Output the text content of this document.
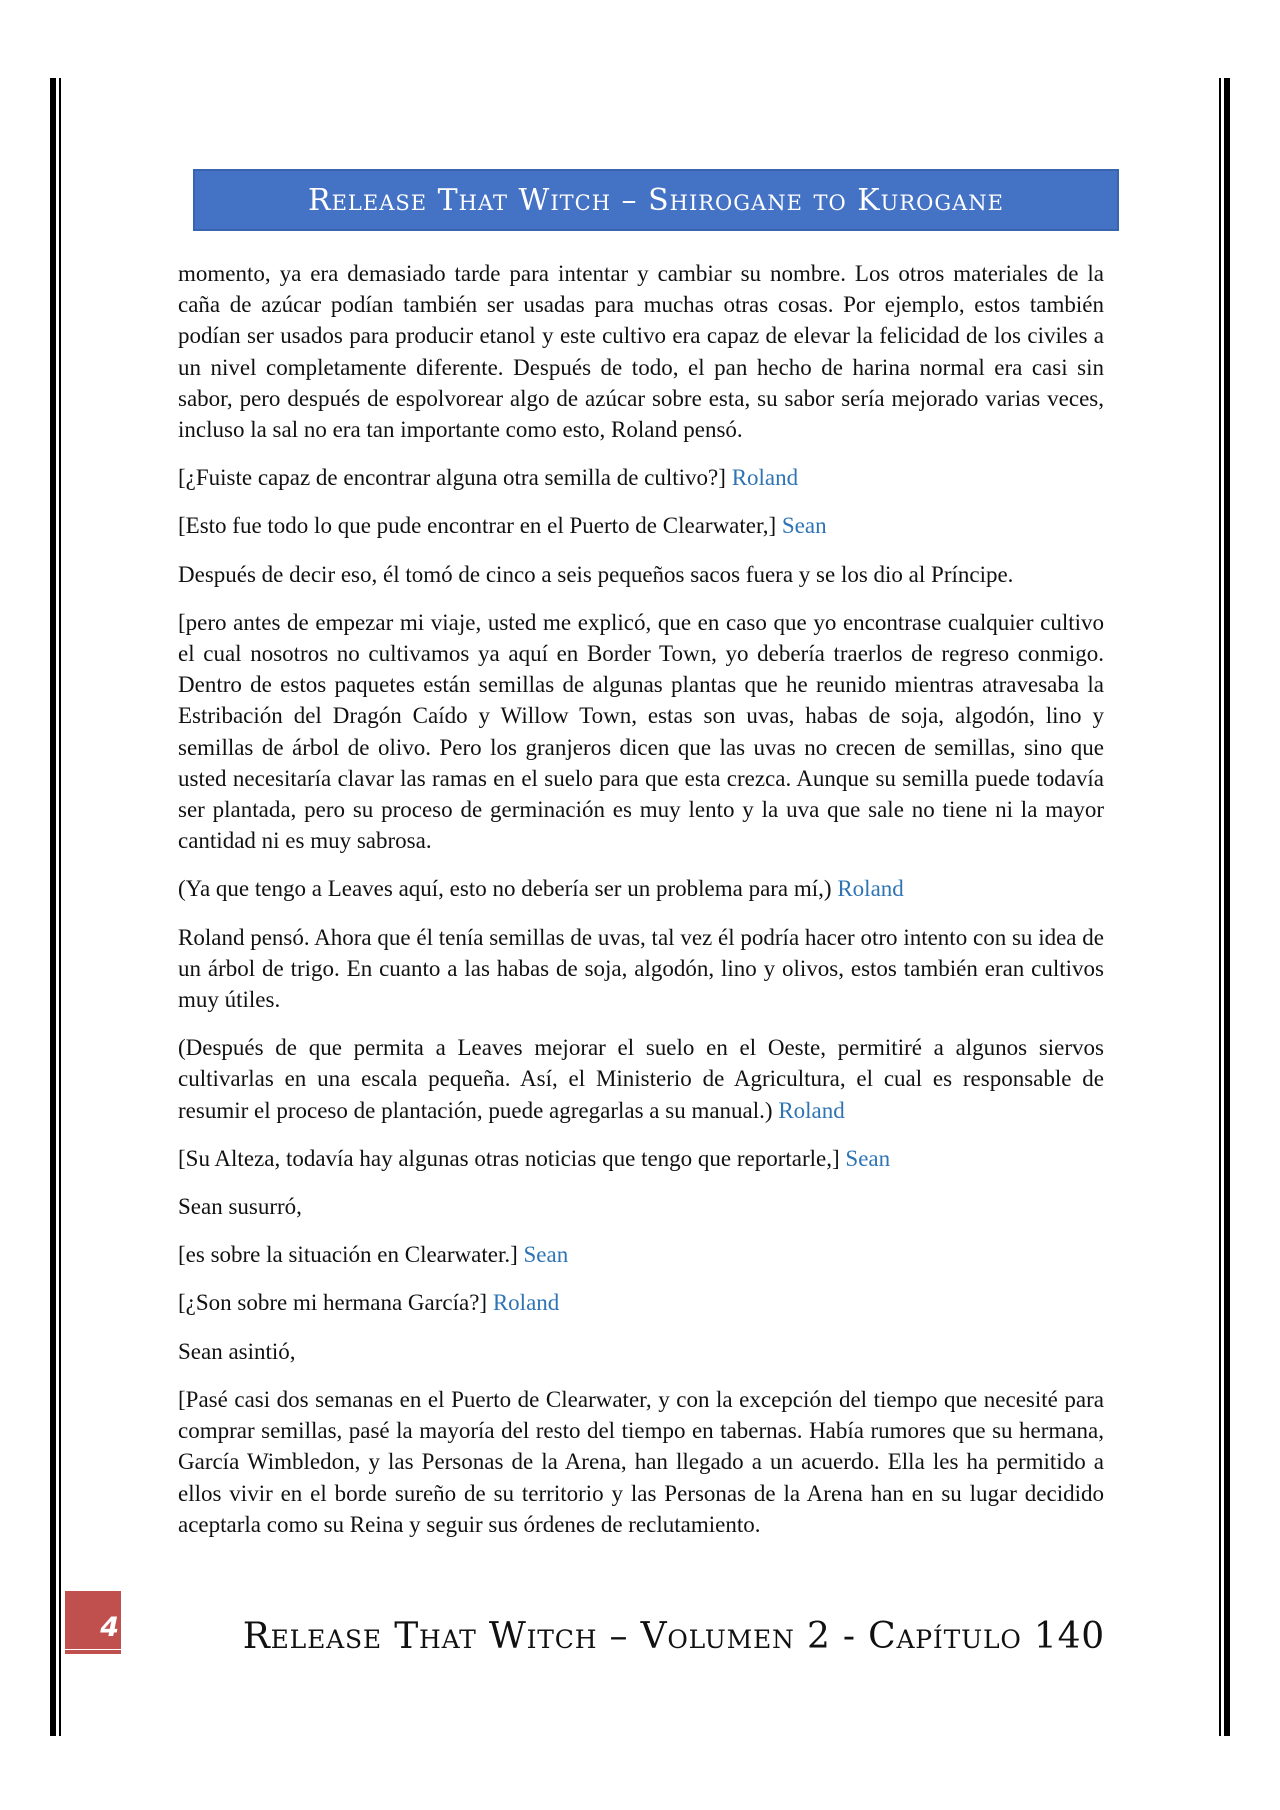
Release That Witch – Shirogane to Kurogane

momento, ya era demasiado tarde para intentar y cambiar su nombre. Los otros materiales de la caña de azúcar podían también ser usadas para muchas otras cosas. Por ejemplo, estos también podían ser usados para producir etanol y este cultivo era capaz de elevar la felicidad de los civiles a un nivel completamente diferente. Después de todo, el pan hecho de harina normal era casi sin sabor, pero después de espolvorear algo de azúcar sobre esta, su sabor sería mejorado varias veces, incluso la sal no era tan importante como esto, Roland pensó.

[¿Fuiste capaz de encontrar alguna otra semilla de cultivo?] Roland

[Esto fue todo lo que pude encontrar en el Puerto de Clearwater,] Sean

Después de decir eso, él tomó de cinco a seis pequeños sacos fuera y se los dio al Príncipe.

[pero antes de empezar mi viaje, usted me explicó, que en caso que yo encontrase cualquier cultivo el cual nosotros no cultivamos ya aquí en Border Town, yo debería traerlos de regreso conmigo. Dentro de estos paquetes están semillas de algunas plantas que he reunido mientras atravesaba la Estribación del Dragón Caído y Willow Town, estas son uvas, habas de soja, algodón, lino y semillas de árbol de olivo. Pero los granjeros dicen que las uvas no crecen de semillas, sino que usted necesitaría clavar las ramas en el suelo para que esta crezca. Aunque su semilla puede todavía ser plantada, pero su proceso de germinación es muy lento y la uva que sale no tiene ni la mayor cantidad ni es muy sabrosa.

(Ya que tengo a Leaves aquí, esto no debería ser un problema para mí,) Roland

Roland pensó. Ahora que él tenía semillas de uvas, tal vez él podría hacer otro intento con su idea de un árbol de trigo. En cuanto a las habas de soja, algodón, lino y olivos, estos también eran cultivos muy útiles.

(Después de que permita a Leaves mejorar el suelo en el Oeste, permitiré a algunos siervos cultivarlas en una escala pequeña. Así, el Ministerio de Agricultura, el cual es responsable de resumir el proceso de plantación, puede agregarlas a su manual.) Roland

[Su Alteza, todavía hay algunas otras noticias que tengo que reportarle,] Sean

Sean susurró,

[es sobre la situación en Clearwater.] Sean

[¿Son sobre mi hermana García?] Roland

Sean asintió,

[Pasé casi dos semanas en el Puerto de Clearwater, y con la excepción del tiempo que necesité para comprar semillas, pasé la mayoría del resto del tiempo en tabernas. Había rumores que su hermana, García Wimbledon, y las Personas de la Arena, han llegado a un acuerdo. Ella les ha permitido a ellos vivir en el borde sureño de su territorio y las Personas de la Arena han en su lugar decidido aceptarla como su Reina y seguir sus órdenes de reclutamiento.

4	Release That Witch – Volumen 2 - Capítulo 140
